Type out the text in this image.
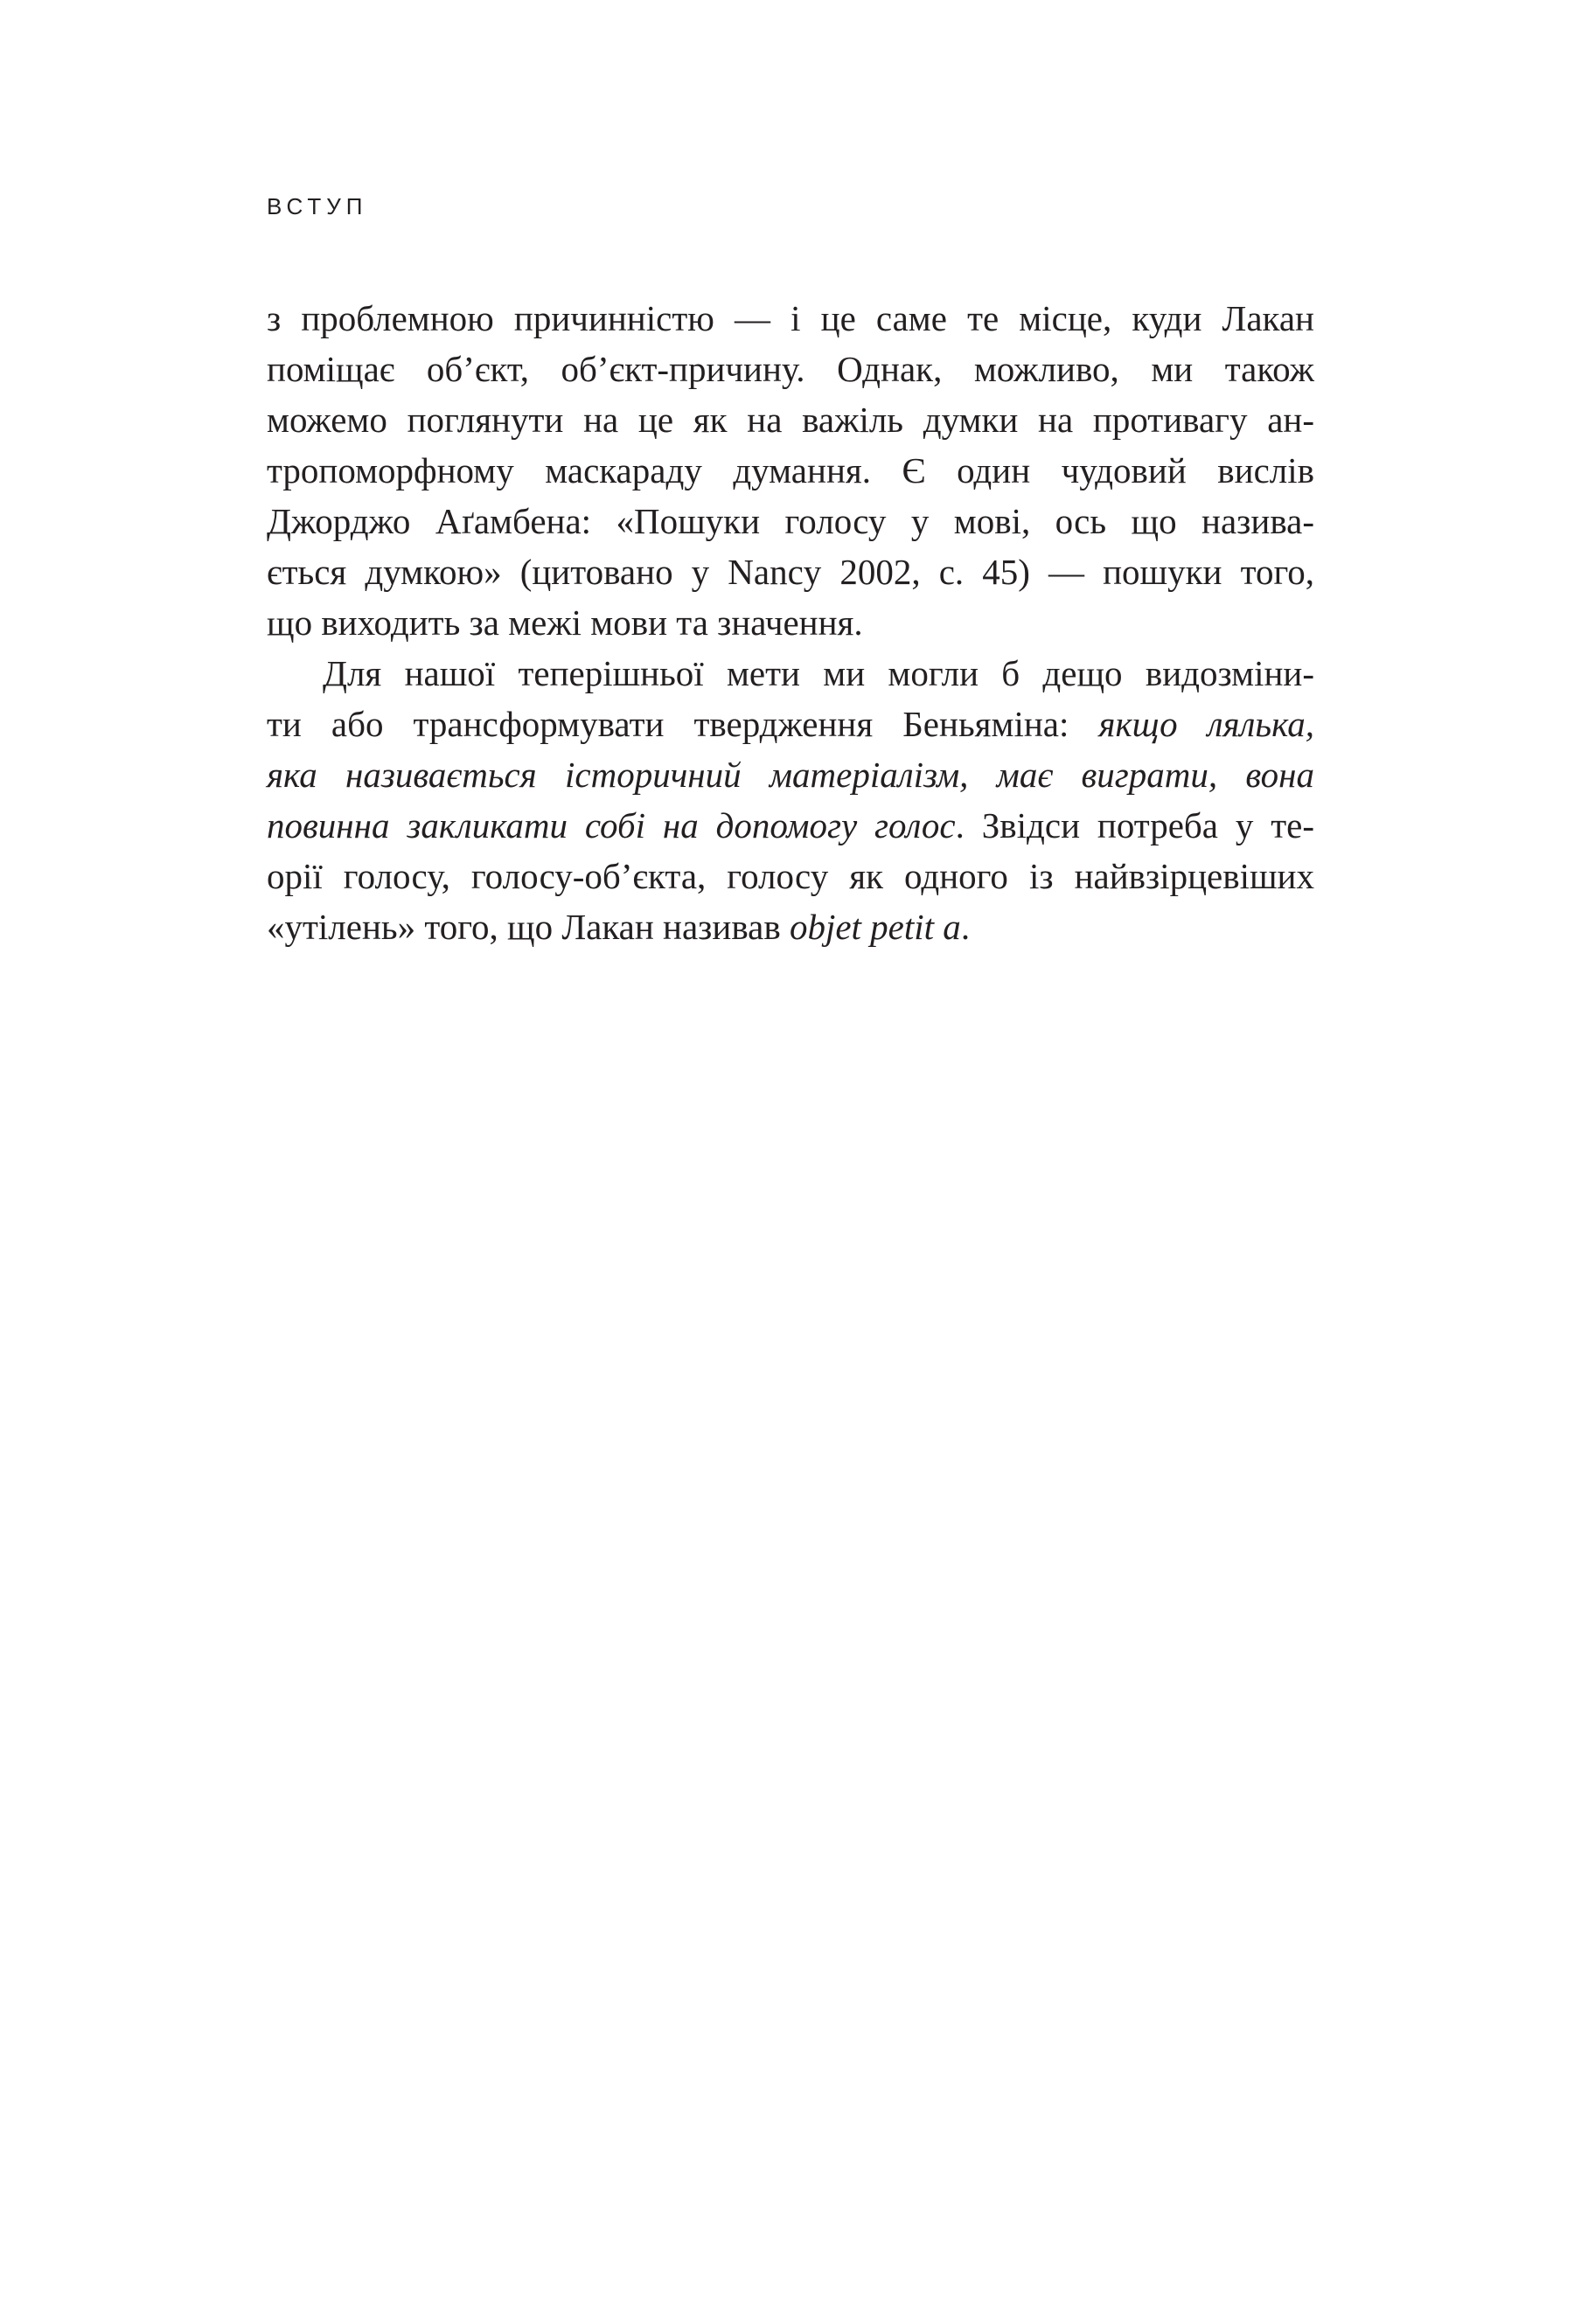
ВСТУП
з проблемною причинністю — і це саме те місце, куди Лакан
поміщає об’єкт, об’єкт-причину. Однак, можливо, ми також
можемо поглянути на це як на важіль думки на противагу ан-
тропоморфному маскараду думання. Є один чудовий вислів
Джорджо Аґамбена: «Пошуки голосу у мові, ось що назива-
ється думкою» (цитовано у Nancy 2002, с. 45) — пошуки того,
що виходить за межі мови та значення.
Для нашої теперішньої мети ми могли б дещо видозміни-
ти або трансформувати твердження Беньяміна: якщо лялька,
яка називається історичний матеріалізм, має виграти, вона
повинна закликати собі на допомогу голос. Звідси потреба у те-
орії голосу, голосу-об’єкта, голосу як одного із найвзірцевіших
«утілень» того, що Лакан називав objet petit a.
